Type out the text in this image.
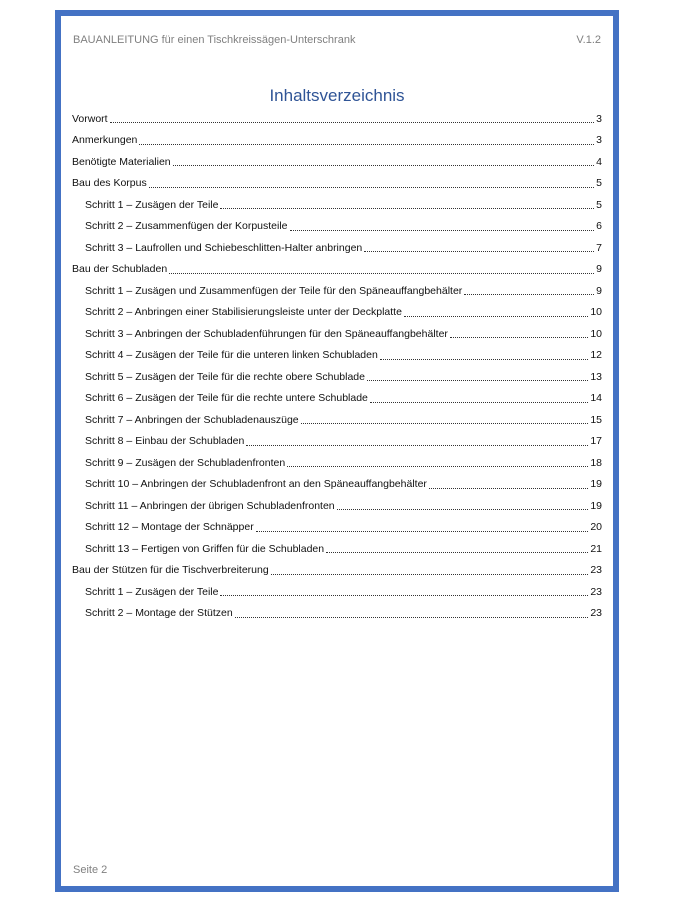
BAUANLEITUNG für einen Tischkreissägen-Unterschrank	V.1.2
Inhaltsverzeichnis
Vorwort	3
Anmerkungen	3
Benötigte Materialien	4
Bau des Korpus	5
Schritt 1 – Zusägen der Teile	5
Schritt 2 – Zusammenfügen der Korpusteile	6
Schritt 3 – Laufrollen und Schiebeschlitten-Halter anbringen	7
Bau der Schubladen	9
Schritt 1 – Zusägen und Zusammenfügen der Teile für den Späneauffangbehälter	9
Schritt 2 – Anbringen einer Stabilisierungsleiste unter der Deckplatte	10
Schritt 3 – Anbringen der Schubladenführungen für den Späneauffangbehälter	10
Schritt 4 – Zusägen der Teile für die unteren linken Schubladen	12
Schritt 5 – Zusägen der Teile für die rechte obere Schublade	13
Schritt 6 – Zusägen der Teile für die rechte untere Schublade	14
Schritt 7 – Anbringen der Schubladenauszüge	15
Schritt 8 – Einbau der Schubladen	17
Schritt 9 – Zusägen der Schubladenfronten	18
Schritt 10 – Anbringen der Schubladenfront an den Späneauffangbehälter	19
Schritt 11 – Anbringen der übrigen Schubladenfronten	19
Schritt 12 – Montage der Schnäpper	20
Schritt 13 – Fertigen von Griffen für die Schubladen	21
Bau der Stützen für die Tischverbreiterung	23
Schritt 1 – Zusägen der Teile	23
Schritt 2 – Montage der Stützen	23
Seite 2
